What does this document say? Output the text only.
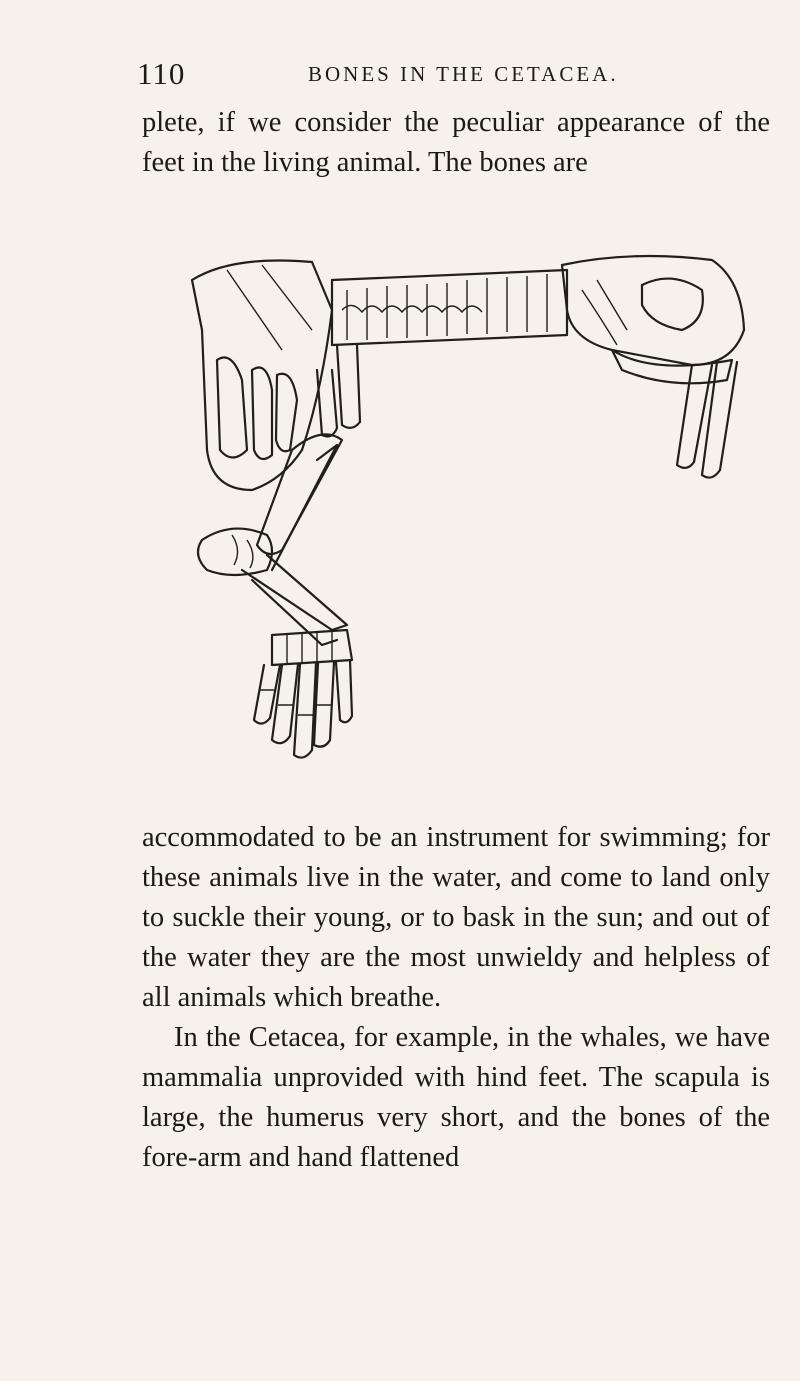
110	BONES IN THE CETACEA.

plete, if we consider the peculiar appearance of the feet in the living animal. The bones are

accommodated to be an instrument for swimming; for these animals live in the water, and come to land only to suckle their young, or to bask in the sun; and out of the water they are the most unwieldy and helpless of all animals which breathe.

In the Cetacea, for example, in the whales, we have mammalia unprovided with hind feet. The scapula is large, the humerus very short, and the bones of the fore-arm and hand flattened
